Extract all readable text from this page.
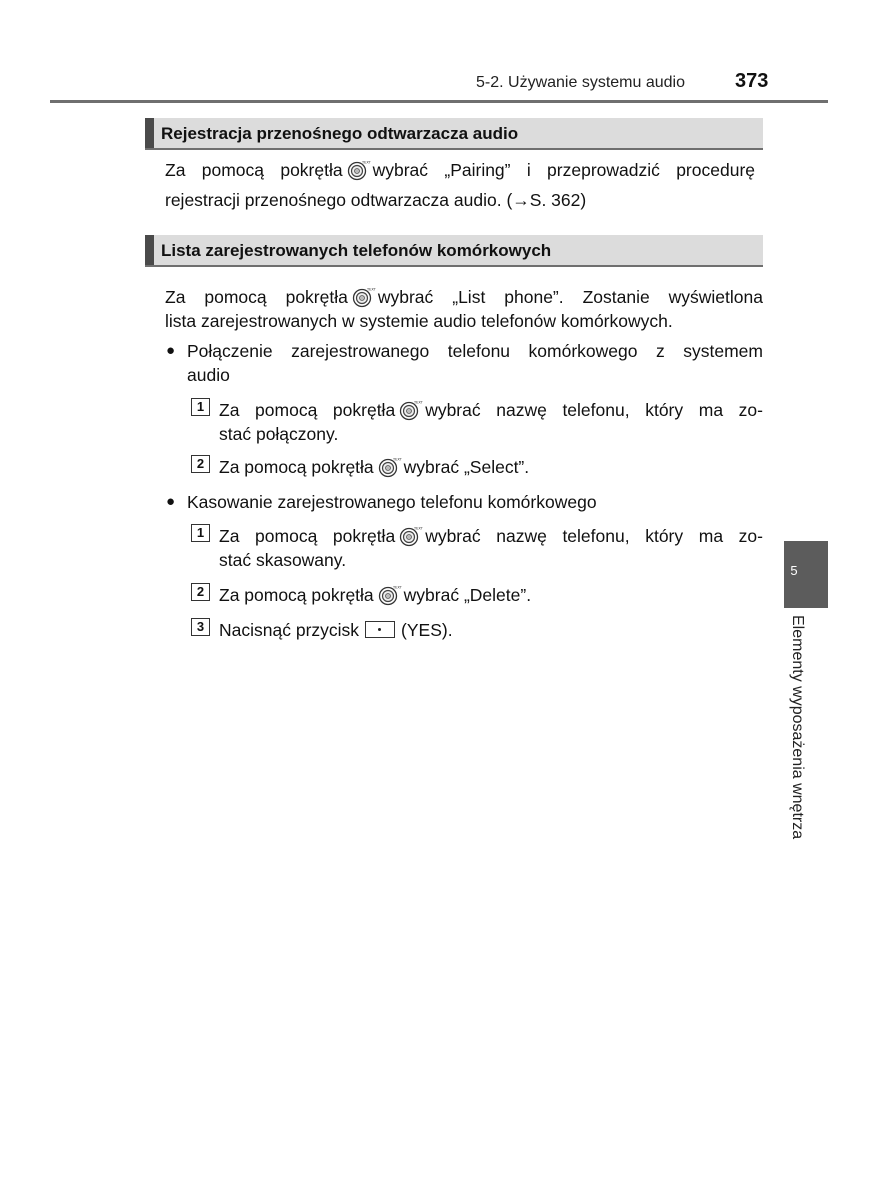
5-2. Używanie systemu audio	373
Rejestracja przenośnego odtwarzacza audio
Za pomocą pokrętła	TEXT wybrać „Pairing” i przeprowadzić procedurę
rejestracji przenośnego odtwarzacza audio. (→S. 362)
Lista zarejestrowanych telefonów komórkowych
Za pomocą pokrętła	TEXT wybrać „List phone”. Zostanie wyświetlona
lista zarejestrowanych w systemie audio telefonów komórkowych.
● Połączenie zarejestrowanego telefonu komórkowego z systemem
audio
1 Za pomocą pokrętła	TEXT wybrać nazwę telefonu, który ma zo-
stać połączony.
2 Za pomocą pokrętła	TEXT wybrać „Select”.
● Kasowanie zarejestrowanego telefonu komórkowego
1 Za pomocą pokrętła	TEXT wybrać nazwę telefonu, który ma zo-
stać skasowany.
2 Za pomocą pokrętła	TEXT wybrać „Delete”.
3 Nacisnąć przycisk (YES).
5
Elementy wyposażenia wnętrza
